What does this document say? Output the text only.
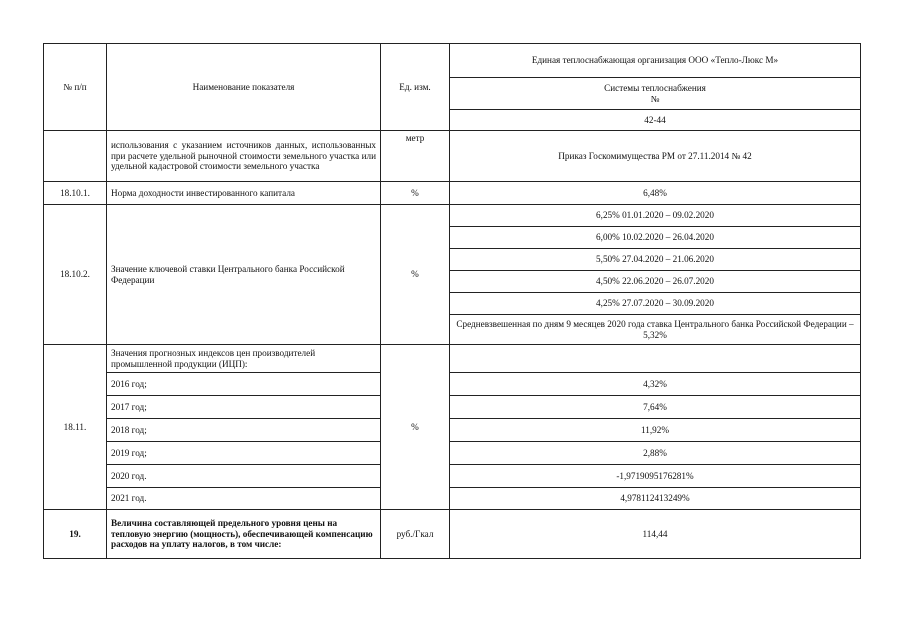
№ п/п	Наименование показателя	Ед. изм.	Единая теплоснабжающая организация ООО «Тепло-Люкс М»

			Системы теплоснабжения
№

			42-44
	использования с указанием источников данных, использованных при расчете удельной рыночной стоимости земельного участка или удельной кадастровой стоимости земельного участка	метр	Приказ Госкомимущества РМ от 27.11.2014 № 42
18.10.1.	Норма доходности инвестированного капитала	%	6,48%
18.10.2.	Значение ключевой ставки Центрального банка Российской Федерации	%	6,25% 01.01.2020 – 09.02.2020
			6,00% 10.02.2020 – 26.04.2020
			5,50% 27.04.2020 – 21.06.2020
			4,50% 22.06.2020 – 26.07.2020
			4,25% 27.07.2020 – 30.09.2020
			Средневзвешенная по дням 9 месяцев 2020 года ставка Центрального банка Российской Федерации – 5,32%
18.11.	Значения прогнозных индексов цен производителей промышленной продукции (ИЦП):	%	
	2016 год;		4,32%
	2017 год;		7,64%
	2018 год;		11,92%
	2019 год;		2,88%
	2020 год.		-1,9719095176281%
	2021 год.		4,978112413249%
19.	Величина составляющей предельного уровня цены на тепловую энергию (мощность), обеспечивающей компенсацию расходов на уплату налогов, в том числе:	руб./Гкал	114,44
